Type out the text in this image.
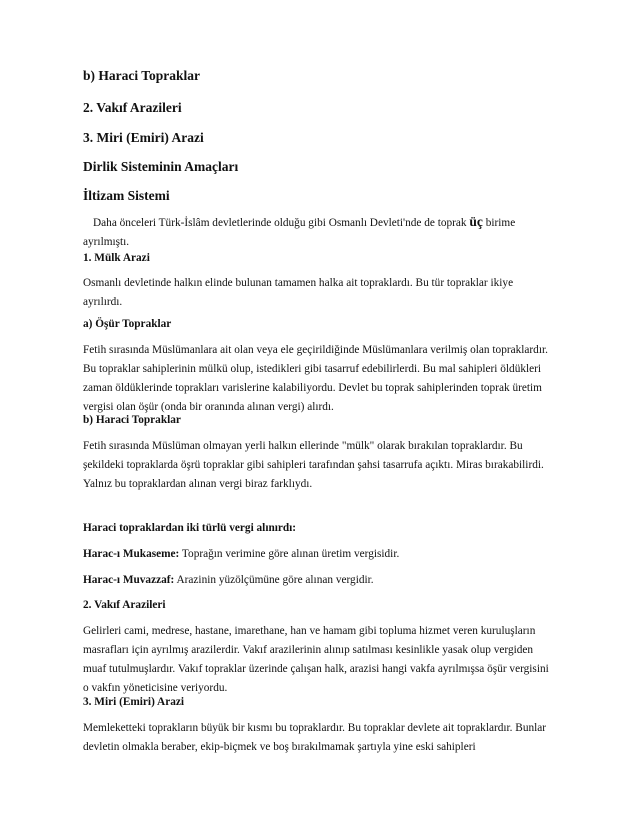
b) Haraci Topraklar

2. Vakıf Arazileri

3. Miri (Emiri) Arazi

Dirlik Sisteminin Amaçları

İltizam Sistemi

Daha önceleri Türk-İslâm devletlerinde olduğu gibi Osmanlı Devleti'nde de toprak üç birime ayrılmıştı.

1. Mülk Arazi

Osmanlı devletinde halkın elinde bulunan tamamen halka ait topraklardı. Bu tür topraklar ikiye ayrılırdı.

a) Öşür Topraklar

Fetih sırasında Müslümanlara ait olan veya ele geçirildiğinde Müslümanlara verilmiş olan topraklardır. Bu topraklar sahiplerinin mülkü olup, istedikleri gibi tasarruf edebilirlerdi. Bu mal sahipleri öldükleri zaman öldüklerinde toprakları varislerine kalabiliyordu. Devlet bu toprak sahiplerinden toprak üretim vergisi olan öşür (onda bir oranında alınan vergi) alırdı.

b) Haraci Topraklar

Fetih sırasında Müslüman olmayan yerli halkın ellerinde "mülk" olarak bırakılan topraklardır. Bu şekildeki topraklarda öşrü topraklar gibi sahipleri tarafından şahsi tasarrufa açıktı. Miras bırakabilirdi. Yalnız bu topraklardan alınan vergi biraz farklıydı.

Haraci topraklardan iki türlü vergi alınırdı:

Harac-ı Mukaseme: Toprağın verimine göre alınan üretim vergisidir.

Harac-ı Muvazzaf: Arazinin yüzölçümüne göre alınan vergidir.

2. Vakıf Arazileri

Gelirleri cami, medrese, hastane, imarethane, han ve hamam gibi topluma hizmet veren kuruluşların masrafları için ayrılmış arazilerdir. Vakıf arazilerinin alınıp satılması kesinlikle yasak olup vergiden muaf tutulmuşlardır. Vakıf topraklar üzerinde çalışan halk, arazisi hangi vakfa ayrılmışsa öşür vergisini o vakfın yöneticisine veriyordu.

3. Miri (Emiri) Arazi

Memleketteki toprakların büyük bir kısmı bu topraklardır. Bu topraklar devlete ait topraklardır. Bunlar devletin olmakla beraber, ekip-biçmek ve boş bırakılmamak şartıyla yine eski sahipleri
